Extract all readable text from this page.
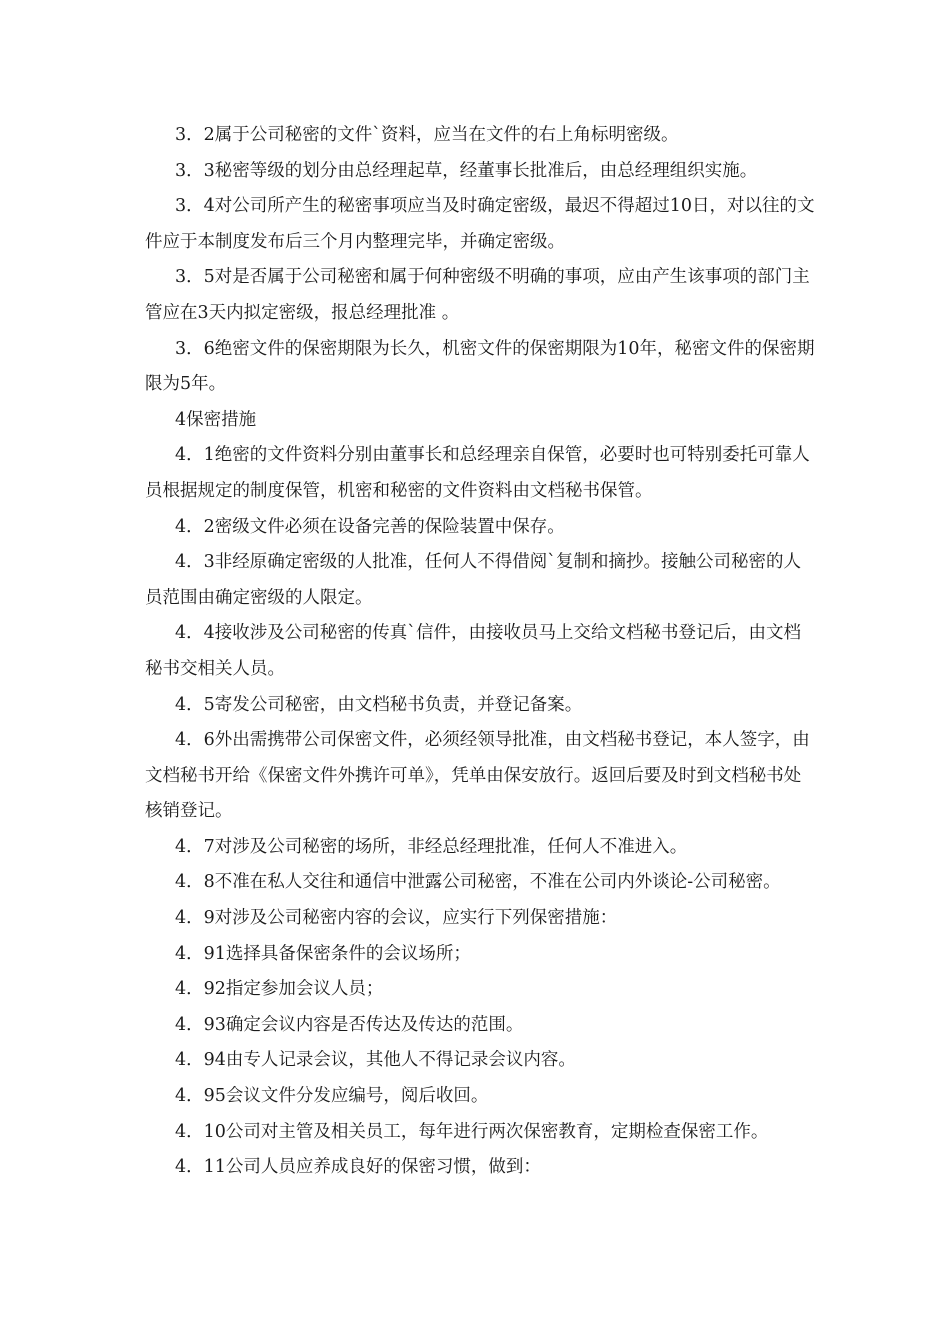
3．2属于公司秘密的文件`资料，应当在文件的右上角标明密级。

3．3秘密等级的划分由总经理起草，经董事长批准后，由总经理组织实施。

3．4对公司所产生的秘密事项应当及时确定密级，最迟不得超过10日，对以往的文件应于本制度发布后三个月内整理完毕，并确定密级。

3．5对是否属于公司秘密和属于何种密级不明确的事项，应由产生该事项的部门主管应在3天内拟定密级，报总经理批准 。

3．6绝密文件的保密期限为长久，机密文件的保密期限为10年，秘密文件的保密期限为5年。

4保密措施

4．1绝密的文件资料分别由董事长和总经理亲自保管，必要时也可特别委托可靠人员根据规定的制度保管，机密和秘密的文件资料由文档秘书保管。

4．2密级文件必须在设备完善的保险装置中保存。

4．3非经原确定密级的人批准，任何人不得借阅`复制和摘抄。接触公司秘密的人员范围由确定密级的人限定。

4．4接收涉及公司秘密的传真`信件，由接收员马上交给文档秘书登记后，由文档秘书交相关人员。

4．5寄发公司秘密，由文档秘书负责，并登记备案。

4．6外出需携带公司保密文件，必须经领导批准，由文档秘书登记，本人签字，由文档秘书开给《保密文件外携许可单》，凭单由保安放行。返回后要及时到文档秘书处核销登记。

4．7对涉及公司秘密的场所，非经总经理批准，任何人不准进入。

4．8不准在私人交往和通信中泄露公司秘密，不准在公司内外谈论-公司秘密。

4．9对涉及公司秘密内容的会议，应实行下列保密措施：

4．91选择具备保密条件的会议场所；

4．92指定参加会议人员；

4．93确定会议内容是否传达及传达的范围。

4．94由专人记录会议，其他人不得记录会议内容。

4．95会议文件分发应编号，阅后收回。

4．10公司对主管及相关员工，每年进行两次保密教育，定期检查保密工作。

4．11公司人员应养成良好的保密习惯，做到：
